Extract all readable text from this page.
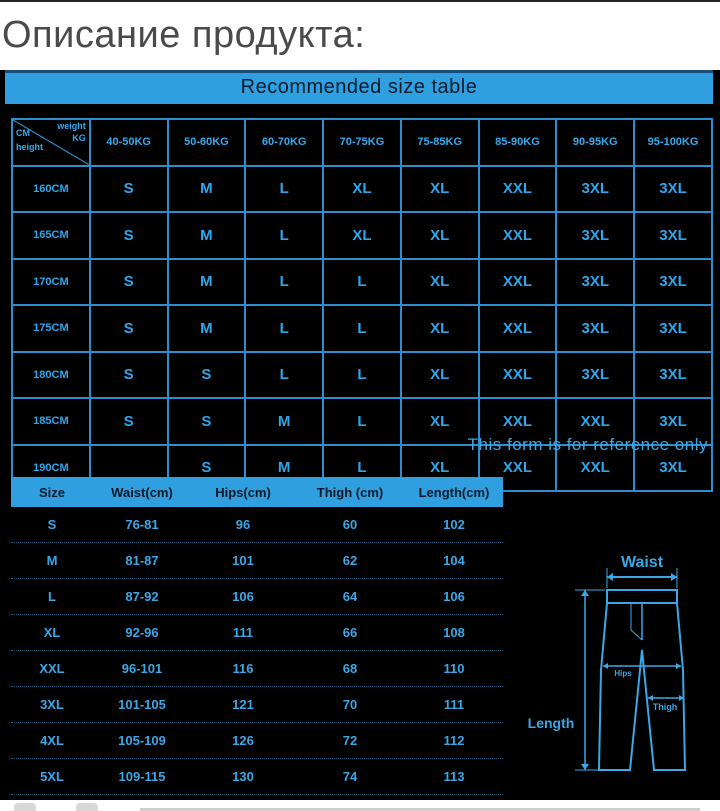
Описание продукта:
Recommended size table
weight
KG
CM
height	40-50KG	50-60KG	60-70KG	70-75KG	75-85KG	85-90KG	90-95KG	95-100KG
160CM	S	M	L	XL	XL	XXL	3XL	3XL
165CM	S	M	L	XL	XL	XXL	3XL	3XL
170CM	S	M	L	L	XL	XXL	3XL	3XL
175CM	S	M	L	L	XL	XXL	3XL	3XL
180CM	S	S	L	L	XL	XXL	3XL	3XL
185CM	S	S	M	L	XL	XXL	XXL	3XL
190CM		S	M	L	XL	XXL	XXL	3XL
This form is for reference only
Size	Waist(cm)	Hips(cm)	Thigh (cm)	Length(cm)
S	76-81	96	60	102
M	81-87	101	62	104
L	87-92	106	64	106
XL	92-96	111	66	108
XXL	96-101	116	68	110
3XL	101-105	121	70	111
4XL	105-109	126	72	112
5XL	109-115	130	74	113
Waist
Hips
Thigh
Length
